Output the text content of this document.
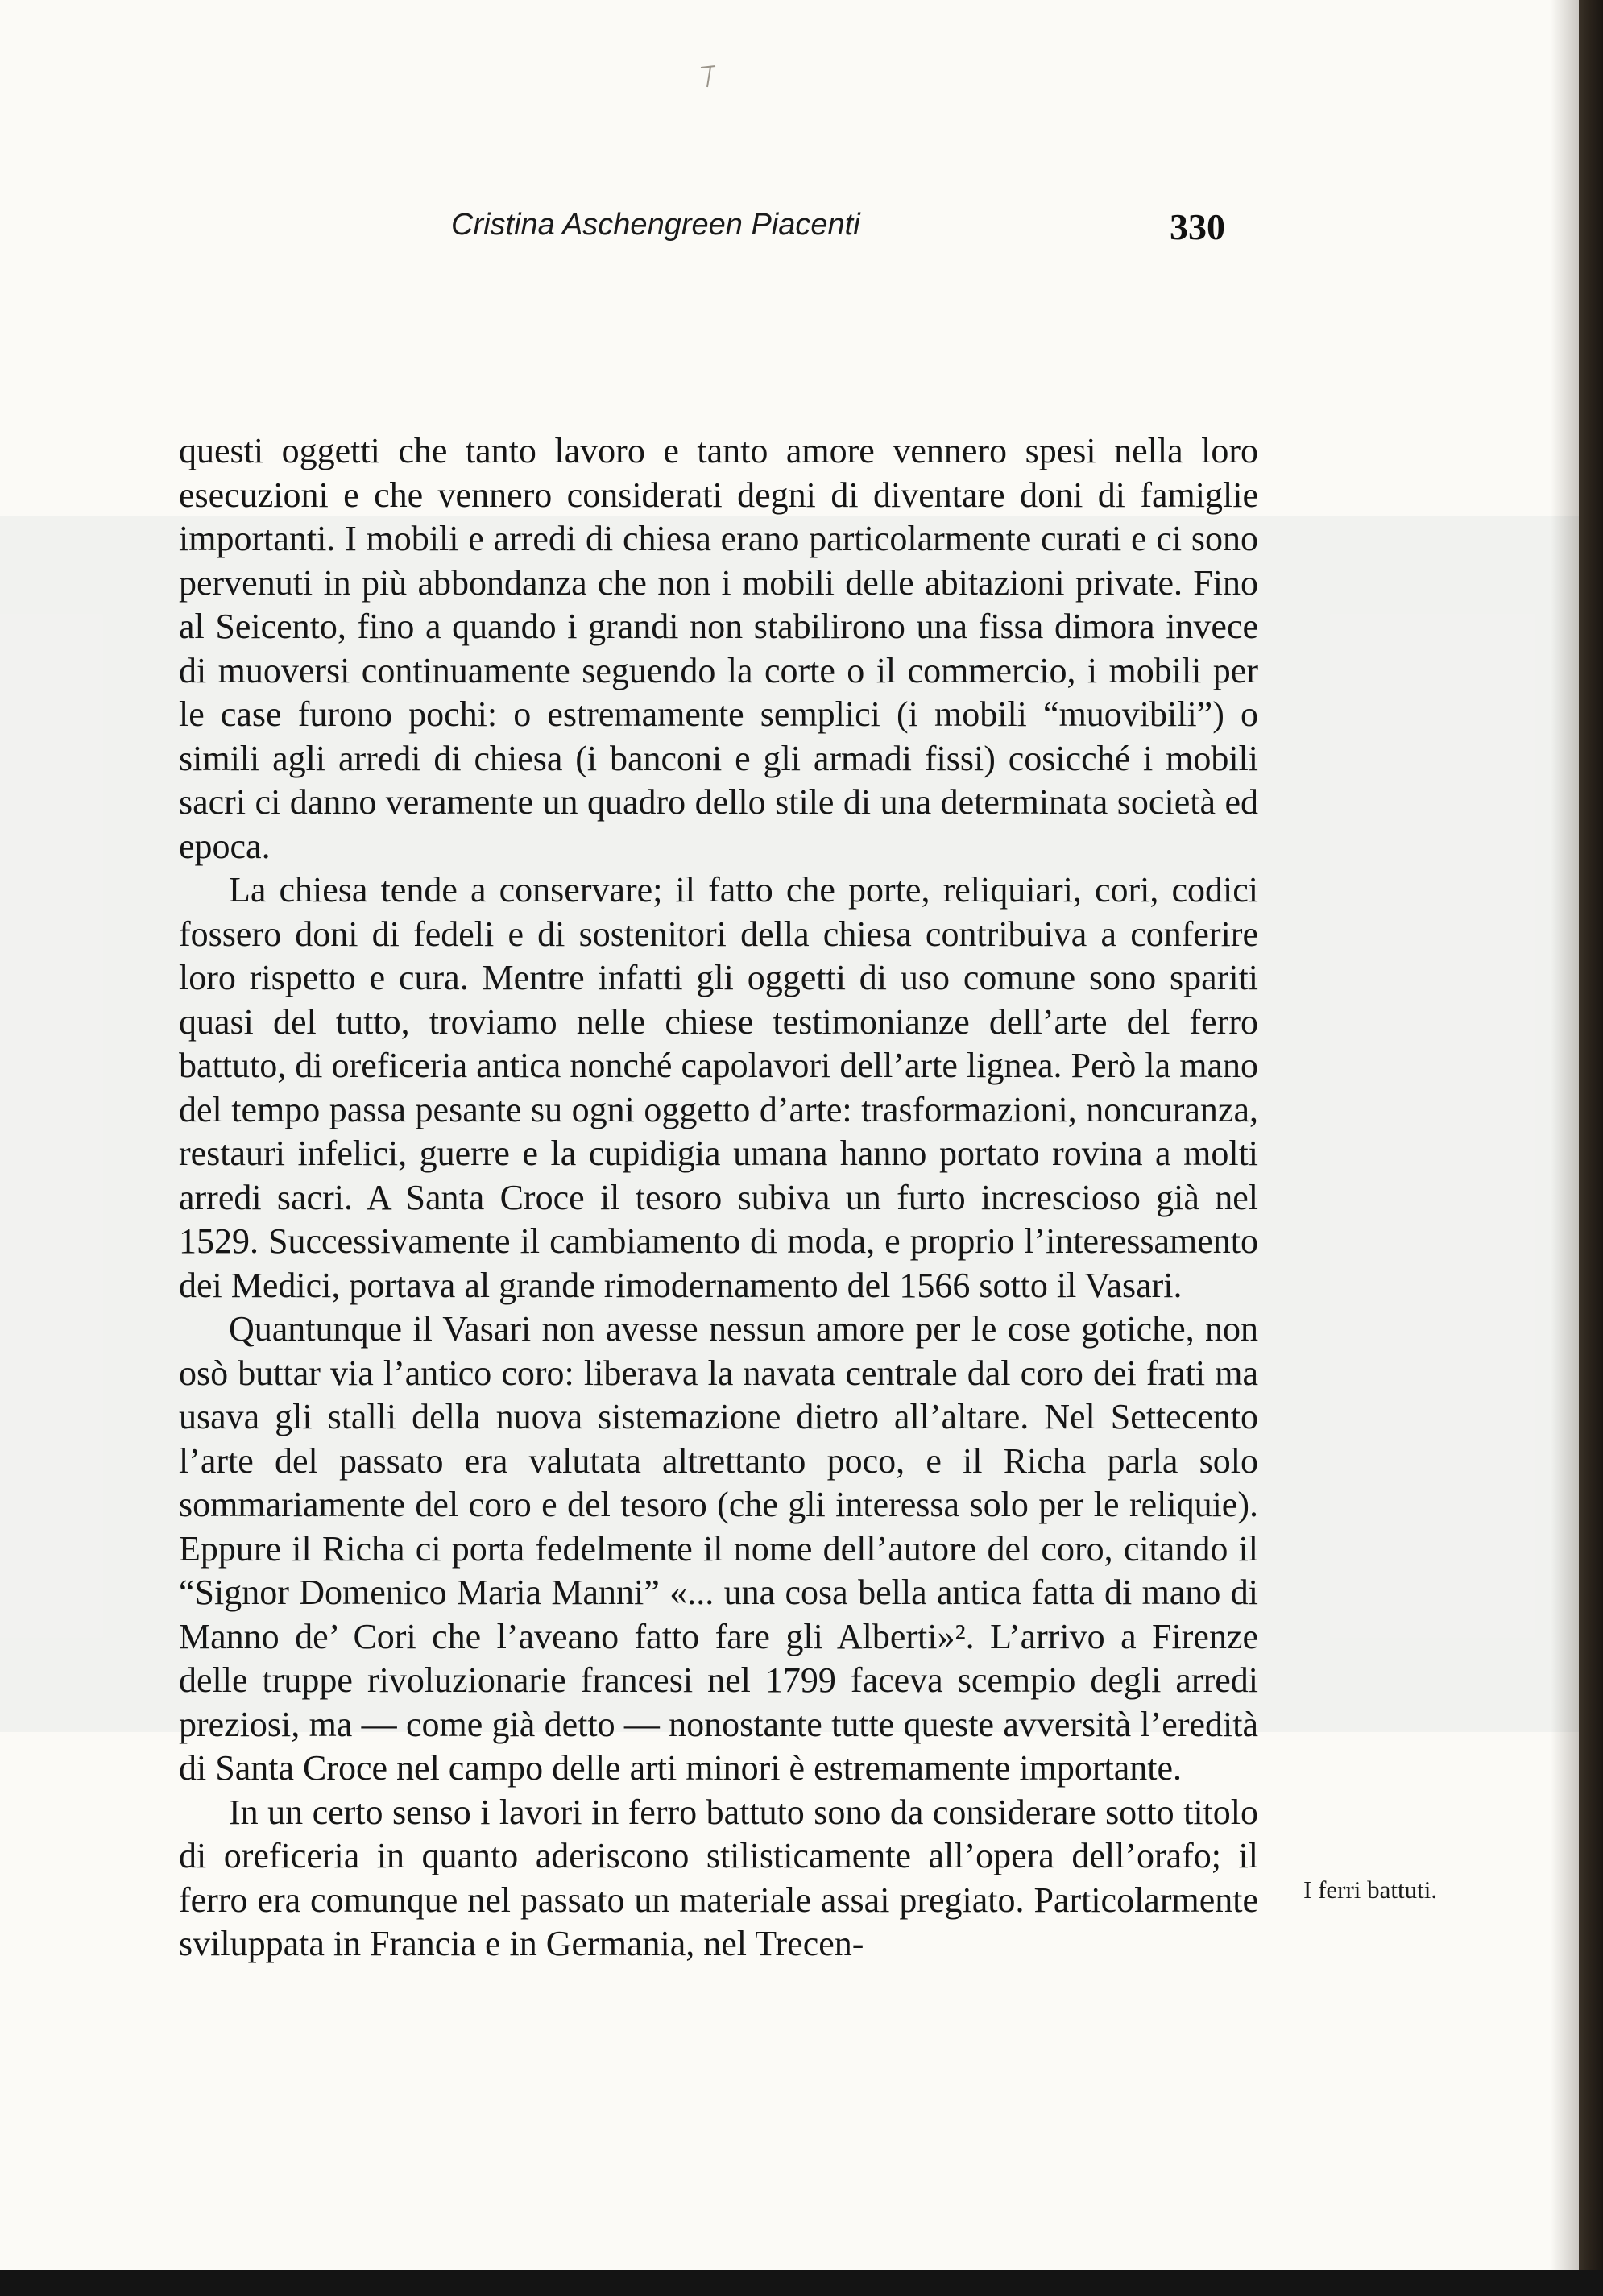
Cristina Aschengreen Piacenti	330

questi oggetti che tanto lavoro e tanto amore vennero spesi nella loro esecuzioni e che vennero considerati degni di diventare doni di famiglie importanti. I mobili e arredi di chiesa erano particolarmente curati e ci sono pervenuti in più abbondanza che non i mobili delle abitazioni private. Fino al Seicento, fino a quando i grandi non stabilirono una fissa dimora invece di muoversi continuamente seguendo la corte o il commercio, i mobili per le case furono pochi: o estremamente semplici (i mobili “muovibili”) o simili agli arredi di chiesa (i banconi e gli armadi fissi) cosicché i mobili sacri ci danno veramente un quadro dello stile di una determinata società ed epoca.

La chiesa tende a conservare; il fatto che porte, reliquiari, cori, codici fossero doni di fedeli e di sostenitori della chiesa contribuiva a conferire loro rispetto e cura. Mentre infatti gli oggetti di uso comune sono spariti quasi del tutto, troviamo nelle chiese testimonianze dell’arte del ferro battuto, di oreficeria antica nonché capolavori dell’arte lignea. Però la mano del tempo passa pesante su ogni oggetto d’arte: trasformazioni, noncuranza, restauri infelici, guerre e la cupidigia umana hanno portato rovina a molti arredi sacri. A Santa Croce il tesoro subiva un furto increscioso già nel 1529. Successivamente il cambiamento di moda, e proprio l’interessamento dei Medici, portava al grande rimodernamento del 1566 sotto il Vasari.

Quantunque il Vasari non avesse nessun amore per le cose gotiche, non osò buttar via l’antico coro: liberava la navata centrale dal coro dei frati ma usava gli stalli della nuova sistemazione dietro all’altare. Nel Settecento l’arte del passato era valutata altrettanto poco, e il Richa parla solo sommariamente del coro e del tesoro (che gli interessa solo per le reliquie). Eppure il Richa ci porta fedelmente il nome dell’autore del coro, citando il “Signor Domenico Maria Manni” «... una cosa bella antica fatta di mano di Manno de’ Cori che l’aveano fatto fare gli Alberti»². L’arrivo a Firenze delle truppe rivoluzionarie francesi nel 1799 faceva scempio degli arredi preziosi, ma — come già detto — nonostante tutte queste avversità l’eredità di Santa Croce nel campo delle arti minori è estremamente importante.

In un certo senso i lavori in ferro battuto sono da considerare sotto titolo di oreficeria in quanto aderiscono stilisticamente all’opera dell’orafo; il ferro era comunque nel passato un materiale assai pregiato. Particolarmente sviluppata in Francia e in Germania, nel Trecen-

I ferri battuti.
